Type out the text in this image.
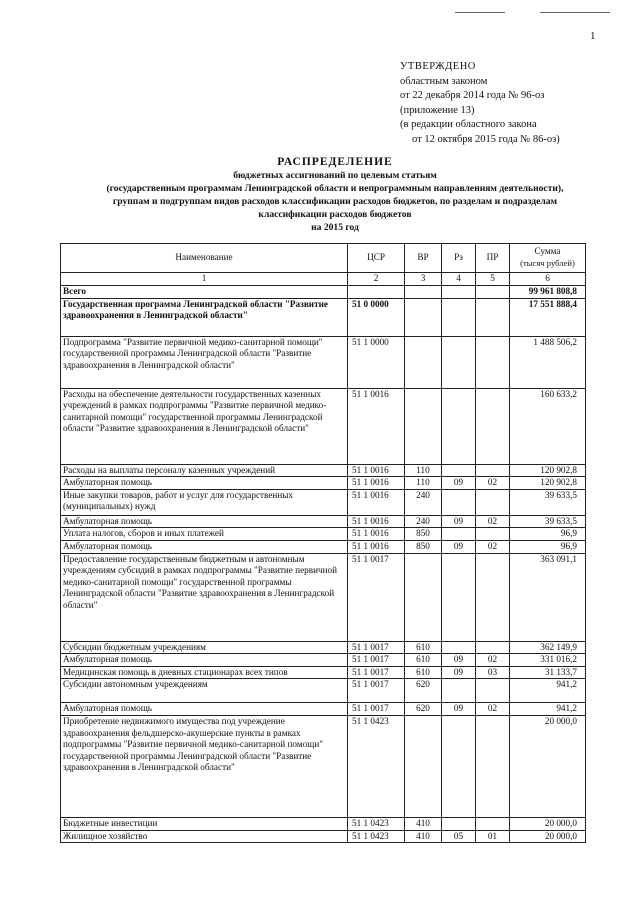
1
УТВЕРЖДЕНО
областным законом
от 22 декабря 2014 года № 96-оз
(приложение 13)
(в редакции областного закона
от 12 октября 2015 года № 86-оз)
РАСПРЕДЕЛЕНИЕ
бюджетных ассигнований по целевым статьям
(государственным программам Ленинградской области и непрограммным направлениям деятельности),
группам и подгруппам видов расходов классификации расходов бюджетов, по разделам и подразделам
классификации расходов бюджетов
на 2015 год
Наименование	ЦСР	ВР	Рз	ПР	Сумма
(тысяч рублей)

1	2	3	4	5	6
Всего					99 961 808,8
Государственная программа Ленинградской области "Развитие здравоохранения в Ленинградской области"	51 0 0000				17 551 888,4
Подпрограмма "Развитие первичной медико-санитарной помощи" государственной программы Ленинградской области "Развитие здравоохранения в Ленинградской области"	51 1 0000				1 488 506,2
Расходы на обеспечение деятельности государственных казенных учреждений в рамках подпрограммы "Развитие первичной медико-санитарной помощи" государственной программы Ленинградской области "Развитие здравоохранения в Ленинградской области"	51 1 0016				160 633,2
Расходы на выплаты персоналу казенных учреждений	51 1 0016	110			120 902,8
Амбулаторная помощь	51 1 0016	110	09	02	120 902,8
Иные закупки товаров, работ и услуг для государственных (муниципальных) нужд	51 1 0016	240			39 633,5
Амбулаторная помощь	51 1 0016	240	09	02	39 633,5
Уплата налогов, сборов и иных платежей	51 1 0016	850			96,9
Амбулаторная помощь	51 1 0016	850	09	02	96,9
Предоставление государственным бюджетным и автономным учреждениям субсидий в рамках подпрограммы "Развитие первичной медико-санитарной помощи" государственной программы Ленинградской области "Развитие здравоохранения в Ленинградской области"	51 1 0017				363 091,1
Субсидии бюджетным учреждениям	51 1 0017	610			362 149,9
Амбулаторная помощь	51 1 0017	610	09	02	331 016,2
Медицинская помощь в дневных стационарах всех типов	51 1 0017	610	09	03	31 133,7
Субсидии автономным учреждениям	51 1 0017	620			941,2
Амбулаторная помощь	51 1 0017	620	09	02	941,2
Приобретение недвижимого имущества под учреждение здравоохранения фельдшерско-акушерские пункты в рамках подпрограммы "Развитие первичной медико-санитарной помощи" государственной программы Ленинградской области "Развитие здравоохранения в Ленинградской области"	51 1 0423				20 000,0
Бюджетные инвестиции	51 1 0423	410			20 000,0
Жилищное хозяйство	51 1 0423	410	05	01	20 000,0
